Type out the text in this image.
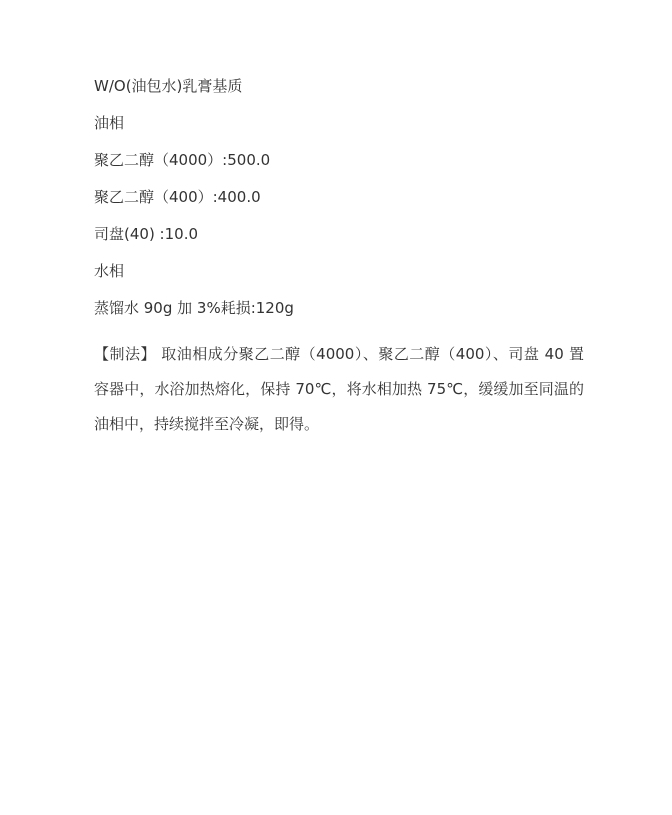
W/O(油包水)乳膏基质

油相

聚乙二醇（4000）:500.0

聚乙二醇（400）:400.0

司盘(40) :10.0

水相

蒸馏水 90g 加 3%耗损:120g

【制法】 取油相成分聚乙二醇（4000）、聚乙二醇（400）、司盘 40 置容器中，水浴加热熔化，保持 70℃，将水相加热 75℃，缓缓加至同温的油相中，持续搅拌至冷凝，即得。
